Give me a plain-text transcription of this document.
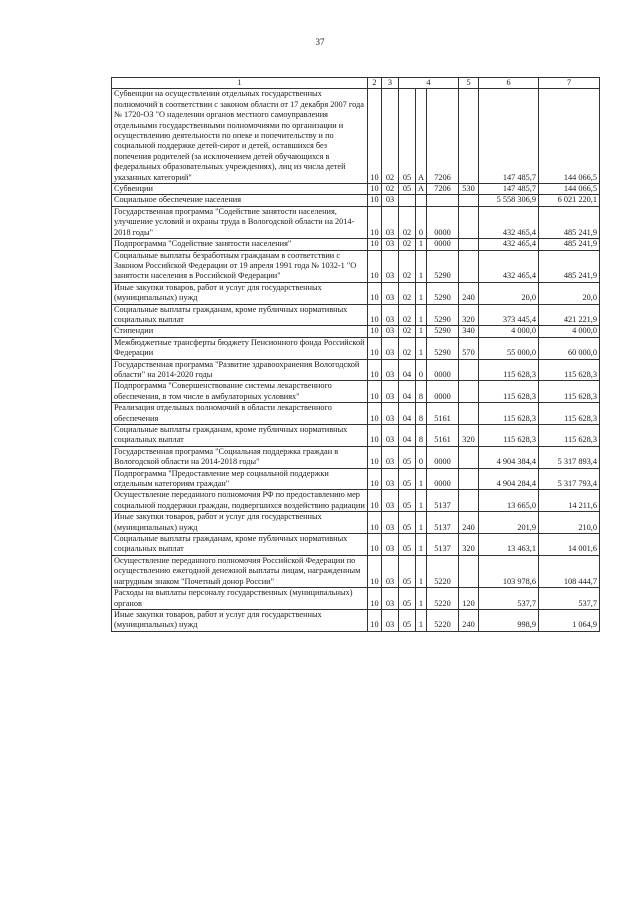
37
1	2	3	4			5	6	7
Субвенции на осуществлении отдельных государственных полномочий в соответствии с законом области от 17 декабря 2007 года № 1720-ОЗ "О наделении органов местного самоуправления отдельными государственными полномочиями по организации и осуществлению деятельности по опеке и попечительству и по социальной поддержке детей-сирот и детей, оставшихся без попечения родителей (за исключением детей обучающихся в федеральных образовательных учреждениях), лиц из числа детей указанных категорий"	10	02	05	A	7206		147 485,7	144 066,5
Субвенции	10	02	05	A	7206	530	147 485,7	144 066,5
Социальное обеспечение населения	10	03					5 558 306,9	6 021 220,1
Государственная программа "Содействие занятости населения, улучшение условий и охраны труда в Вологодской области на 2014-2018 годы"	10	03	02	0	0000		432 465,4	485 241,9
Подпрограмма "Содействие занятости населения"	10	03	02	1	0000		432 465,4	485 241,9
Социальные выплаты безработным гражданам в соответствии с Законом Российской Федерации от 19 апреля 1991 года № 1032-1 "О занятости населения в Российской Федерации"	10	03	02	1	5290		432 465,4	485 241,9
Иные закупки товаров, работ и услуг для государственных (муниципальных) нужд	10	03	02	1	5290	240	20,0	20,0
Социальные выплаты гражданам, кроме публичных нормативных социальных выплат	10	03	02	1	5290	320	373 445,4	421 221,9
Стипендии	10	03	02	1	5290	340	4 000,0	4 000,0
Межбюджетные трансферты бюджету Пенсионного фонда Российской Федерации	10	03	02	1	5290	570	55 000,0	60 000,0
Государственная программа "Развитие здравоохранения Вологодской области" на 2014-2020 годы	10	03	04	0	0000		115 628,3	115 628,3
Подпрограмма "Совершенствование системы лекарственного обеспечения, в том числе в амбулаторных условиях"	10	03	04	8	0000		115 628,3	115 628,3
Реализация отдельных полномочий в области лекарственного обеспечения	10	03	04	8	5161		115 628,3	115 628,3
Социальные выплаты гражданам, кроме публичных нормативных социальных выплат	10	03	04	8	5161	320	115 628,3	115 628,3
Государственная программа "Социальная поддержка граждан в Вологодской области на 2014-2018 годы"	10	03	05	0	0000		4 904 384,4	5 317 893,4
Подпрограмма "Предоставление мер социальной поддержки отдельным категориям граждан"	10	03	05	1	0000		4 904 284,4	5 317 793,4
Осуществление переданного полномочия РФ по предоставлению мер социальной поддержки граждан, подвергшихся воздействию радиации	10	03	05	1	5137		13 665,0	14 211,6
Иные закупки товаров, работ и услуг для государственных (муниципальных) нужд	10	03	05	1	5137	240	201,9	210,0
Социальные выплаты гражданам, кроме публичных нормативных социальных выплат	10	03	05	1	5137	320	13 463,1	14 001,6
Осуществление переданного полномочия Российской Федерации по осуществлению ежегодной денежной выплаты лицам, награжденным нагрудным знаком "Почетный донор России"	10	03	05	1	5220		103 978,6	108 444,7
Расходы на выплаты персоналу государственных (муниципальных) органов	10	03	05	1	5220	120	537,7	537,7
Иные закупки товаров, работ и услуг для государственных (муниципальных) нужд	10	03	05	1	5220	240	998,9	1 064,9
